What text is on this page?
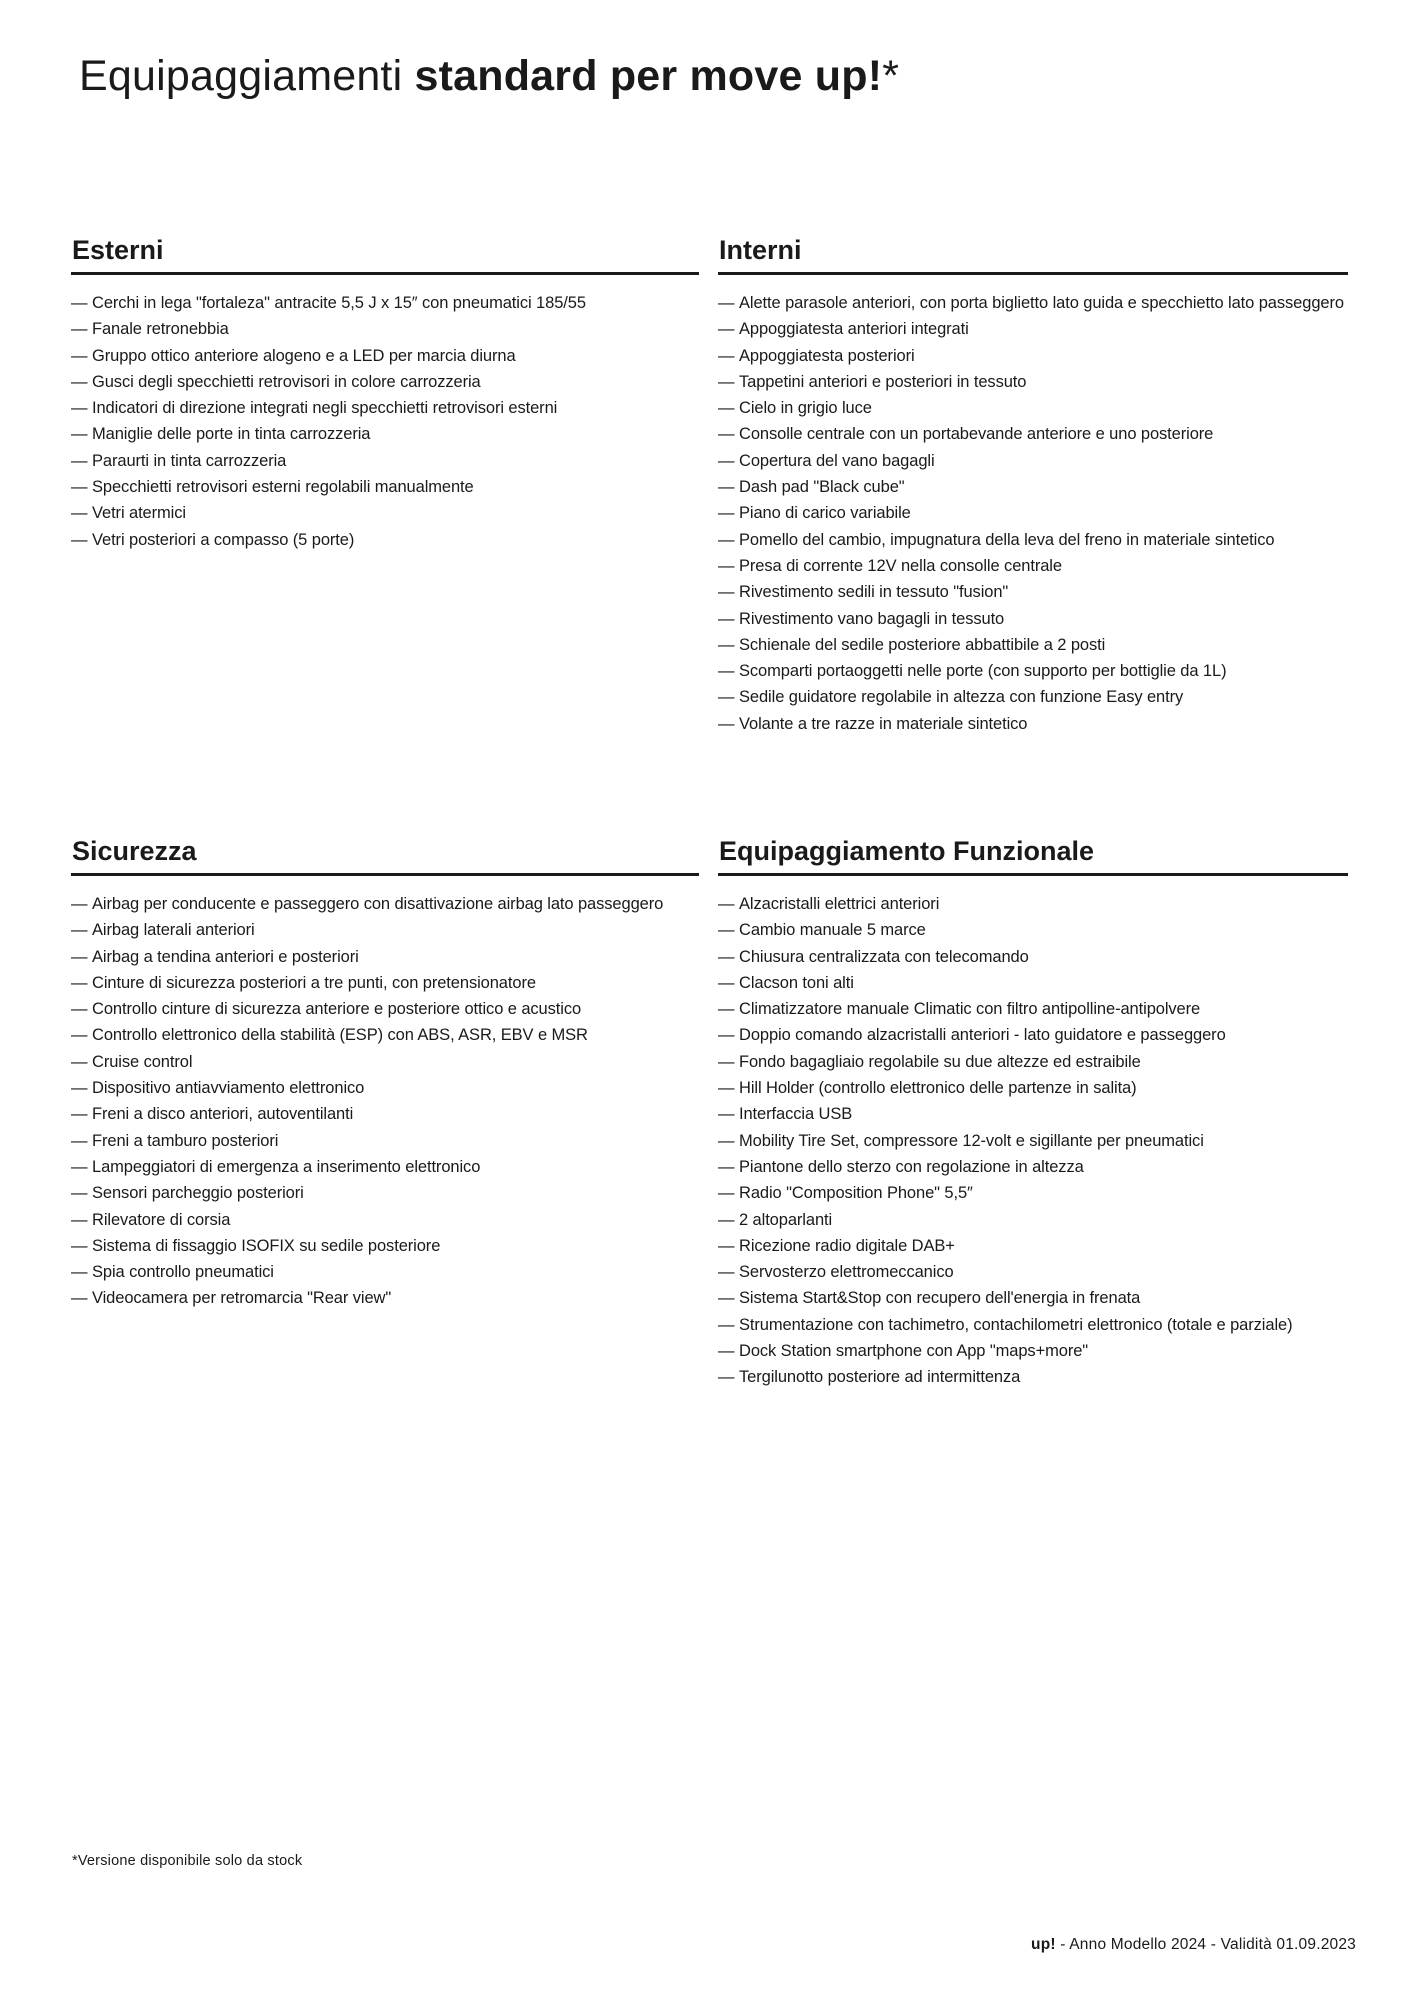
Equipaggiamenti standard per move up!*
Esterni
— Cerchi in lega "fortaleza" antracite 5,5 J x 15″ con pneumatici 185/55
— Fanale retronebbia
— Gruppo ottico anteriore alogeno e a LED per marcia diurna
— Gusci degli specchietti retrovisori in colore carrozzeria
— Indicatori di direzione integrati negli specchietti retrovisori esterni
— Maniglie delle porte in tinta carrozzeria
— Paraurti in tinta carrozzeria
— Specchietti retrovisori esterni regolabili manualmente
— Vetri atermici
— Vetri posteriori a compasso (5 porte)
Interni
— Alette parasole anteriori, con porta biglietto lato guida e specchietto lato passeggero
— Appoggiatesta anteriori integrati
— Appoggiatesta posteriori
— Tappetini anteriori e posteriori in tessuto
— Cielo in grigio luce
— Consolle centrale con un portabevande anteriore e uno posteriore
— Copertura del vano bagagli
— Dash pad "Black cube"
— Piano di carico variabile
— Pomello del cambio, impugnatura della leva del freno in materiale sintetico
— Presa di corrente 12V nella consolle centrale
— Rivestimento sedili in tessuto "fusion"
— Rivestimento vano bagagli in tessuto
— Schienale del sedile posteriore abbattibile a 2 posti
— Scomparti portaoggetti nelle porte (con supporto per bottiglie da 1L)
— Sedile guidatore regolabile in altezza con funzione Easy entry
— Volante a tre razze in materiale sintetico
Sicurezza
— Airbag per conducente e passeggero con disattivazione airbag lato passeggero
— Airbag laterali anteriori
— Airbag a tendina anteriori e posteriori
— Cinture di sicurezza posteriori a tre punti, con pretensionatore
— Controllo cinture di sicurezza anteriore e posteriore ottico e acustico
— Controllo elettronico della stabilità (ESP) con ABS, ASR, EBV e MSR
— Cruise control
— Dispositivo antiavviamento elettronico
— Freni a disco anteriori, autoventilanti
— Freni a tamburo posteriori
— Lampeggiatori di emergenza a inserimento elettronico
— Sensori parcheggio posteriori
— Rilevatore di corsia
— Sistema di fissaggio ISOFIX su sedile posteriore
— Spia controllo pneumatici
— Videocamera per retromarcia "Rear view"
Equipaggiamento Funzionale
— Alzacristalli elettrici anteriori
— Cambio manuale 5 marce
— Chiusura centralizzata con telecomando
— Clacson toni alti
— Climatizzatore manuale Climatic con filtro antipolline-antipolvere
— Doppio comando alzacristalli anteriori - lato guidatore e passeggero
— Fondo bagagliaio regolabile su due altezze ed estraibile
— Hill Holder (controllo elettronico delle partenze in salita)
— Interfaccia USB
— Mobility Tire Set, compressore 12-volt e sigillante per pneumatici
— Piantone dello sterzo con regolazione in altezza
— Radio "Composition Phone" 5,5″
— 2 altoparlanti
— Ricezione radio digitale DAB+
— Servosterzo elettromeccanico
— Sistema Start&Stop con recupero dell'energia in frenata
— Strumentazione con tachimetro, contachilometri elettronico (totale e parziale)
— Dock Station smartphone con App "maps+more"
— Tergilunotto posteriore ad intermittenza
*Versione disponibile solo da stock
up! - Anno Modello 2024 - Validità 01.09.2023
